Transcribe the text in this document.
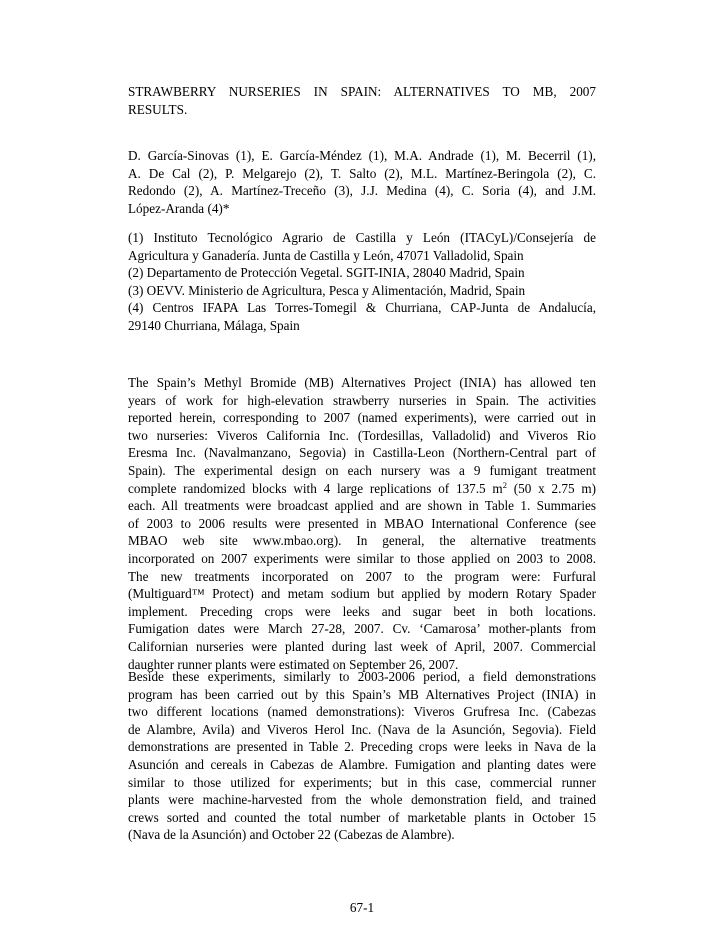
STRAWBERRY NURSERIES IN SPAIN: ALTERNATIVES TO MB, 2007
RESULTS.
D. García-Sinovas (1), E. García-Méndez (1), M.A. Andrade (1), M. Becerril (1),
A. De Cal (2), P. Melgarejo (2), T. Salto (2), M.L. Martínez-Beringola (2), C.
Redondo (2), A. Martínez-Treceño (3), J.J. Medina (4), C. Soria (4), and J.M.
López-Aranda (4)*
(1) Instituto Tecnológico Agrario de Castilla y León (ITACyL)/Consejería de
Agricultura y Ganadería. Junta de Castilla y León, 47071 Valladolid, Spain
(2) Departamento de Protección Vegetal. SGIT-INIA, 28040 Madrid, Spain
(3) OEVV. Ministerio de Agricultura, Pesca y Alimentación, Madrid, Spain
(4) Centros IFAPA Las Torres-Tomegil & Churriana, CAP-Junta de Andalucía,
29140 Churriana, Málaga, Spain
The Spain’s Methyl Bromide (MB) Alternatives Project (INIA) has allowed ten
years of work for high-elevation strawberry nurseries in Spain. The activities
reported herein, corresponding to 2007 (named experiments), were carried out in
two nurseries: Viveros California Inc. (Tordesillas, Valladolid) and Viveros Rio
Eresma Inc. (Navalmanzano, Segovia) in Castilla-Leon (Northern-Central part of
Spain). The experimental design on each nursery was a 9 fumigant treatment
complete randomized blocks with 4 large replications of 137.5 $m^2$ (50 x 2.75 m)
each. All treatments were broadcast applied and are shown in Table 1. Summaries
of 2003 to 2006 results were presented in MBAO International Conference (see
MBAO web site www.mbao.org). In general, the alternative treatments
incorporated on 2007 experiments were similar to those applied on 2003 to 2008.
The new treatments incorporated on 2007 to the program were: Furfural
(Multiguard™ Protect) and metam sodium but applied by modern Rotary Spader
implement. Preceding crops were leeks and sugar beet in both locations.
Fumigation dates were March 27-28, 2007. Cv. ‘Camarosa’ mother-plants from
Californian nurseries were planted during last week of April, 2007. Commercial
daughter runner plants were estimated on September 26, 2007.
Beside these experiments, similarly to 2003-2006 period, a field demonstrations
program has been carried out by this Spain’s MB Alternatives Project (INIA) in
two different locations (named demonstrations): Viveros Grufresa Inc. (Cabezas
de Alambre, Avila) and Viveros Herol Inc. (Nava de la Asunción, Segovia). Field
demonstrations are presented in Table 2. Preceding crops were leeks in Nava de la
Asunción and cereals in Cabezas de Alambre. Fumigation and planting dates were
similar to those utilized for experiments; but in this case, commercial runner
plants were machine-harvested from the whole demonstration field, and trained
crews sorted and counted the total number of marketable plants in October 15
(Nava de la Asunción) and October 22 (Cabezas de Alambre).
67-1
